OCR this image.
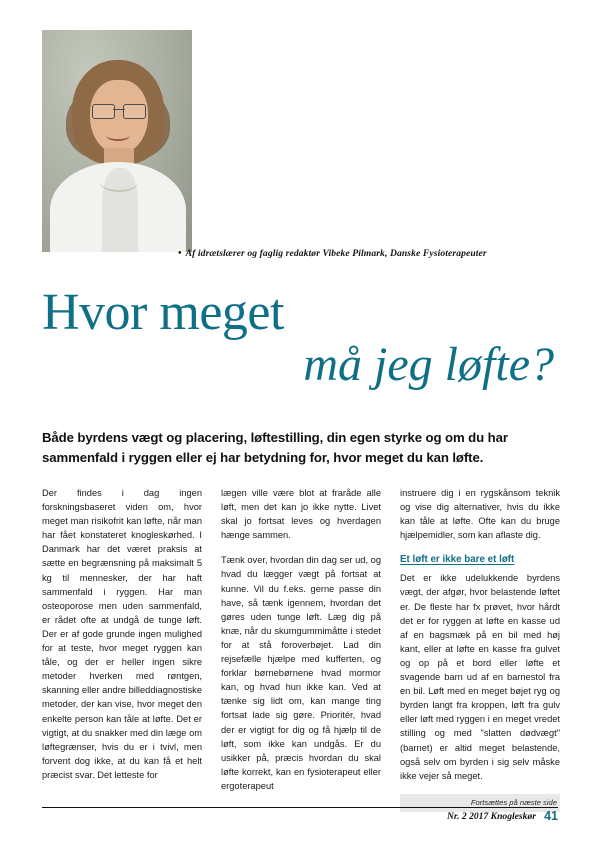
• Af idrætslærer og faglig redaktør Vibeke Pilmark, Danske Fysioterapeuter
Hvor meget
må jeg løfte?
Både byrdens vægt og placering, løftestilling, din egen styrke og om du har sammenfald i ryggen eller ej har betydning for, hvor meget du kan løfte.

Der findes i dag ingen forskningsbaseret viden om, hvor meget man risikofrit kan løfte, når man har fået konstateret knogleskørhed. I Danmark har det været praksis at sætte en begrænsning på maksimalt 5 kg til mennesker, der har haft sammenfald i ryggen. Har man osteoporose men uden sammenfald, er rådet ofte at undgå de tunge løft. Der er af gode grunde ingen mulighed for at teste, hvor meget ryggen kan tåle, og der er heller ingen sikre metoder hverken med røntgen, skanning eller andre billeddiagnostiske metoder, der kan vise, hvor meget den enkelte person kan tåle at løfte. Det er vigtigt, at du snakker med din læge om løftegrænser, hvis du er i tvivl, men forvent dog ikke, at du kan få et helt præcist svar. Det letteste for

lægen ville være blot at fraråde alle løft, men det kan jo ikke nytte. Livet skal jo fortsat leves og hverdagen hænge sammen.

Tænk over, hvordan din dag ser ud, og hvad du lægger vægt på fortsat at kunne. Vil du f.eks. gerne passe din have, så tænk igennem, hvordan det gøres uden tunge løft. Læg dig på knæ, når du skumgummimåtte i stedet for at stå foroverbøjet. Lad din rejsefælle hjælpe med kufferten, og forklar børnebørnene hvad mormor kan, og hvad hun ikke kan. Ved at tænke sig lidt om, kan mange ting fortsat lade sig gøre. Prioritér, hvad der er vigtigt for dig og få hjælp til de løft, som ikke kan undgås. Er du usikker på, præcis hvordan du skal løfte korrekt, kan en fysioterapeut eller ergoterapeut

instruere dig i en rygskånsom teknik og vise dig alternativer, hvis du ikke kan tåle at løfte. Ofte kan du bruge hjælpemidler, som kan aflaste dig.

Et løft er ikke bare et løft

Det er ikke udelukkende byrdens vægt, der afgør, hvor belastende løftet er. De fleste har fx prøvet, hvor hårdt det er for ryggen at løfte en kasse ud af en bagsmæk på en bil med høj kant, eller at løfte en kasse fra gulvet og op på et bord eller løfte et svagende barn ud af en barnestol fra en bil. Løft med en meget bøjet ryg og byrden langt fra kroppen, løft fra gulv eller løft med ryggen i en meget vredet stilling og med "slatten dødvægt" (barnet) er altid meget belastende, også selv om byrden i sig selv måske ikke vejer så meget.

Fortsættes på næste side
Nr. 2 2017 Knogleskør 41
